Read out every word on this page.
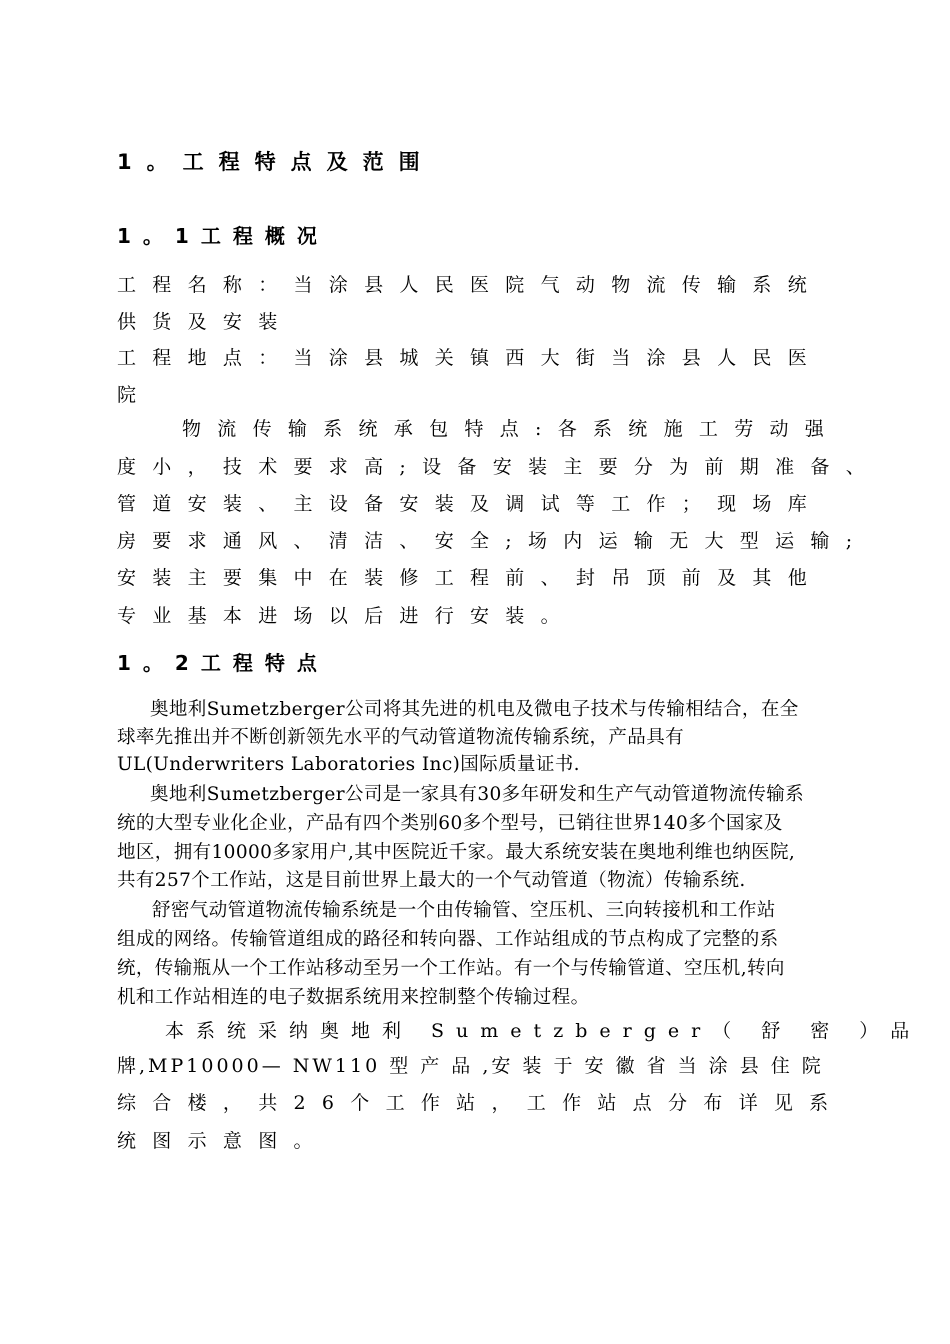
1。工程特点及范围
1。1工程概况
工程名称：当涂县人民医院气动物流传输系统
供货及安装
工程地点：当涂县城关镇西大街当涂县人民医
院
物流传输系统承包特点:各系统施工劳动强
度小，技术要求高;设备安装主要分为前期准备、
管道安装、主设备安装及调试等工作；现场库
房要求通风、清洁、安全;场内运输无大型运输;
安装主要集中在装修工程前、封吊顶前及其他
专业基本进场以后进行安装。
1。2工程特点
奥地利Sumetzberger公司将其先进的机电及微电子技术与传输相结合，在全
球率先推出并不断创新领先水平的气动管道物流传输系统，产品具有
UL(Underwriters Laboratories Inc)国际质量证书.
奥地利Sumetzberger公司是一家具有30多年研发和生产气动管道物流传输系
统的大型专业化企业，产品有四个类别60多个型号，已销往世界140多个国家及
地区，拥有10000多家用户,其中医院近千家。最大系统安装在奥地利维也纳医院,
共有257个工作站，这是目前世界上最大的一个气动管道（物流）传输系统.
舒密气动管道物流传输系统是一个由传输管、空压机、三向转接机和工作站
组成的网络。传输管道组成的路径和转向器、工作站组成的节点构成了完整的系
统，传输瓶从一个工作站移动至另一个工作站。有一个与传输管道、空压机,转向
机和工作站相连的电子数据系统用来控制整个传输过程。
本系统采纳奥地利 Sumetzberger（ 舒 密 ）品
牌,MP10000— NW110 型 产 品 ,安 装 于 安 徽 省 当 涂 县 住 院
综合楼，共26个工作站，工作站点分布详见系
统图示意图。
